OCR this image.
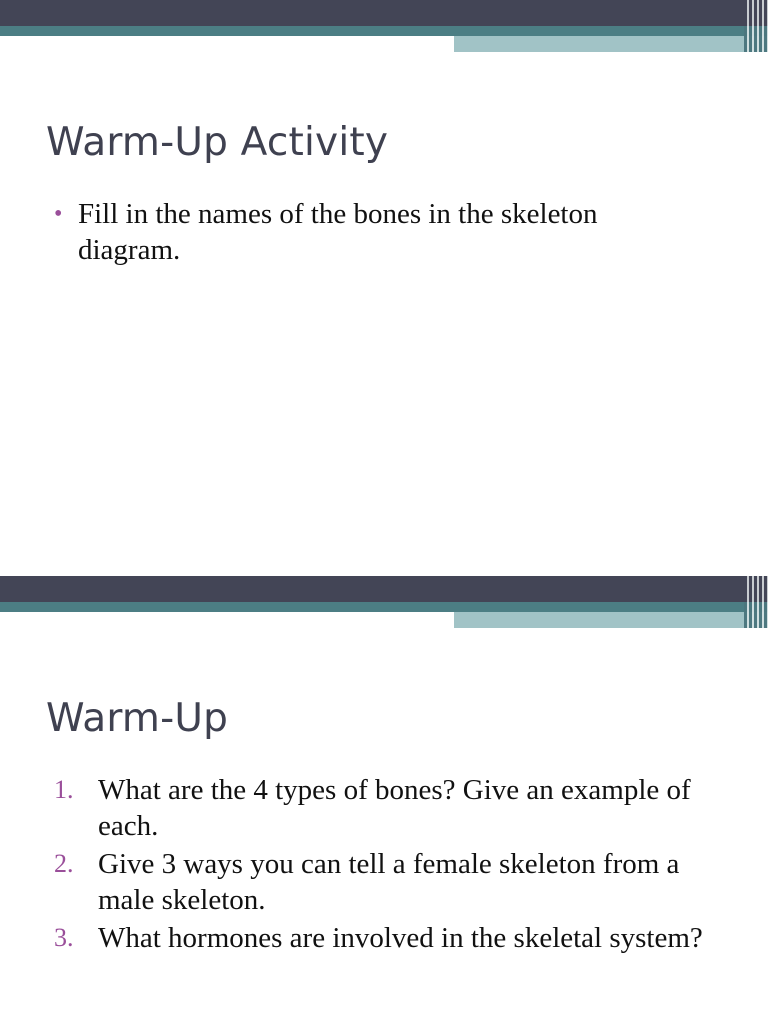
Warm-Up Activity
• Fill in the names of the bones in the skeleton diagram.
Warm-Up
1. What are the 4 types of bones? Give an example of each.
2. Give 3 ways you can tell a female skeleton from a male skeleton.
3. What hormones are involved in the skeletal system?
